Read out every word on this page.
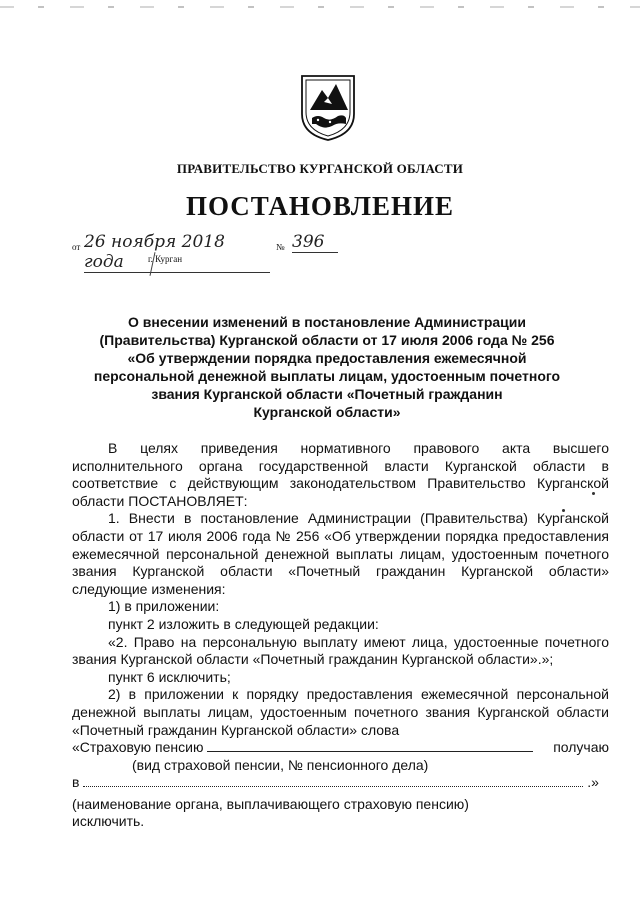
ПРАВИТЕЛЬСТВО КУРГАНСКОЙ ОБЛАСТИ
ПОСТАНОВЛЕНИЕ
от 26 ноября 2018 года
№ 396
г. Курган
О внесении изменений в постановление Администрации
(Правительства) Курганской области от 17 июля 2006 года № 256
«Об утверждении порядка предоставления ежемесячной
персональной денежной выплаты лицам, удостоенным почетного
звания Курганской области «Почетный гражданин
Курганской области»

В целях приведения нормативного правового акта высшего исполнительного органа государственной власти Курганской области в соответствие с действующим законодательством Правительство Курганской области ПОСТАНОВЛЯЕТ:

1. Внести в постановление Администрации (Правительства) Курганской области от 17 июля 2006 года № 256 «Об утверждении порядка предоставления ежемесячной персональной денежной выплаты лицам, удостоенным почетного звания Курганской области «Почетный гражданин Курганской области» следующие изменения:

1) в приложении:

пункт 2 изложить в следующей редакции:

«2. Право на персональную выплату имеют лица, удостоенные почетного звания Курганской области «Почетный гражданин Курганской области».»;

пункт 6 исключить;

2) в приложении к порядку предоставления ежемесячной персональной денежной выплаты лицам, удостоенным почетного звания Курганской области «Почетный гражданин Курганской области» слова

«Страховую пенсию	получаю

(вид страховой пенсии, № пенсионного дела)

в	.»

(наименование органа, выплачивающего страховую пенсию)

исключить.
